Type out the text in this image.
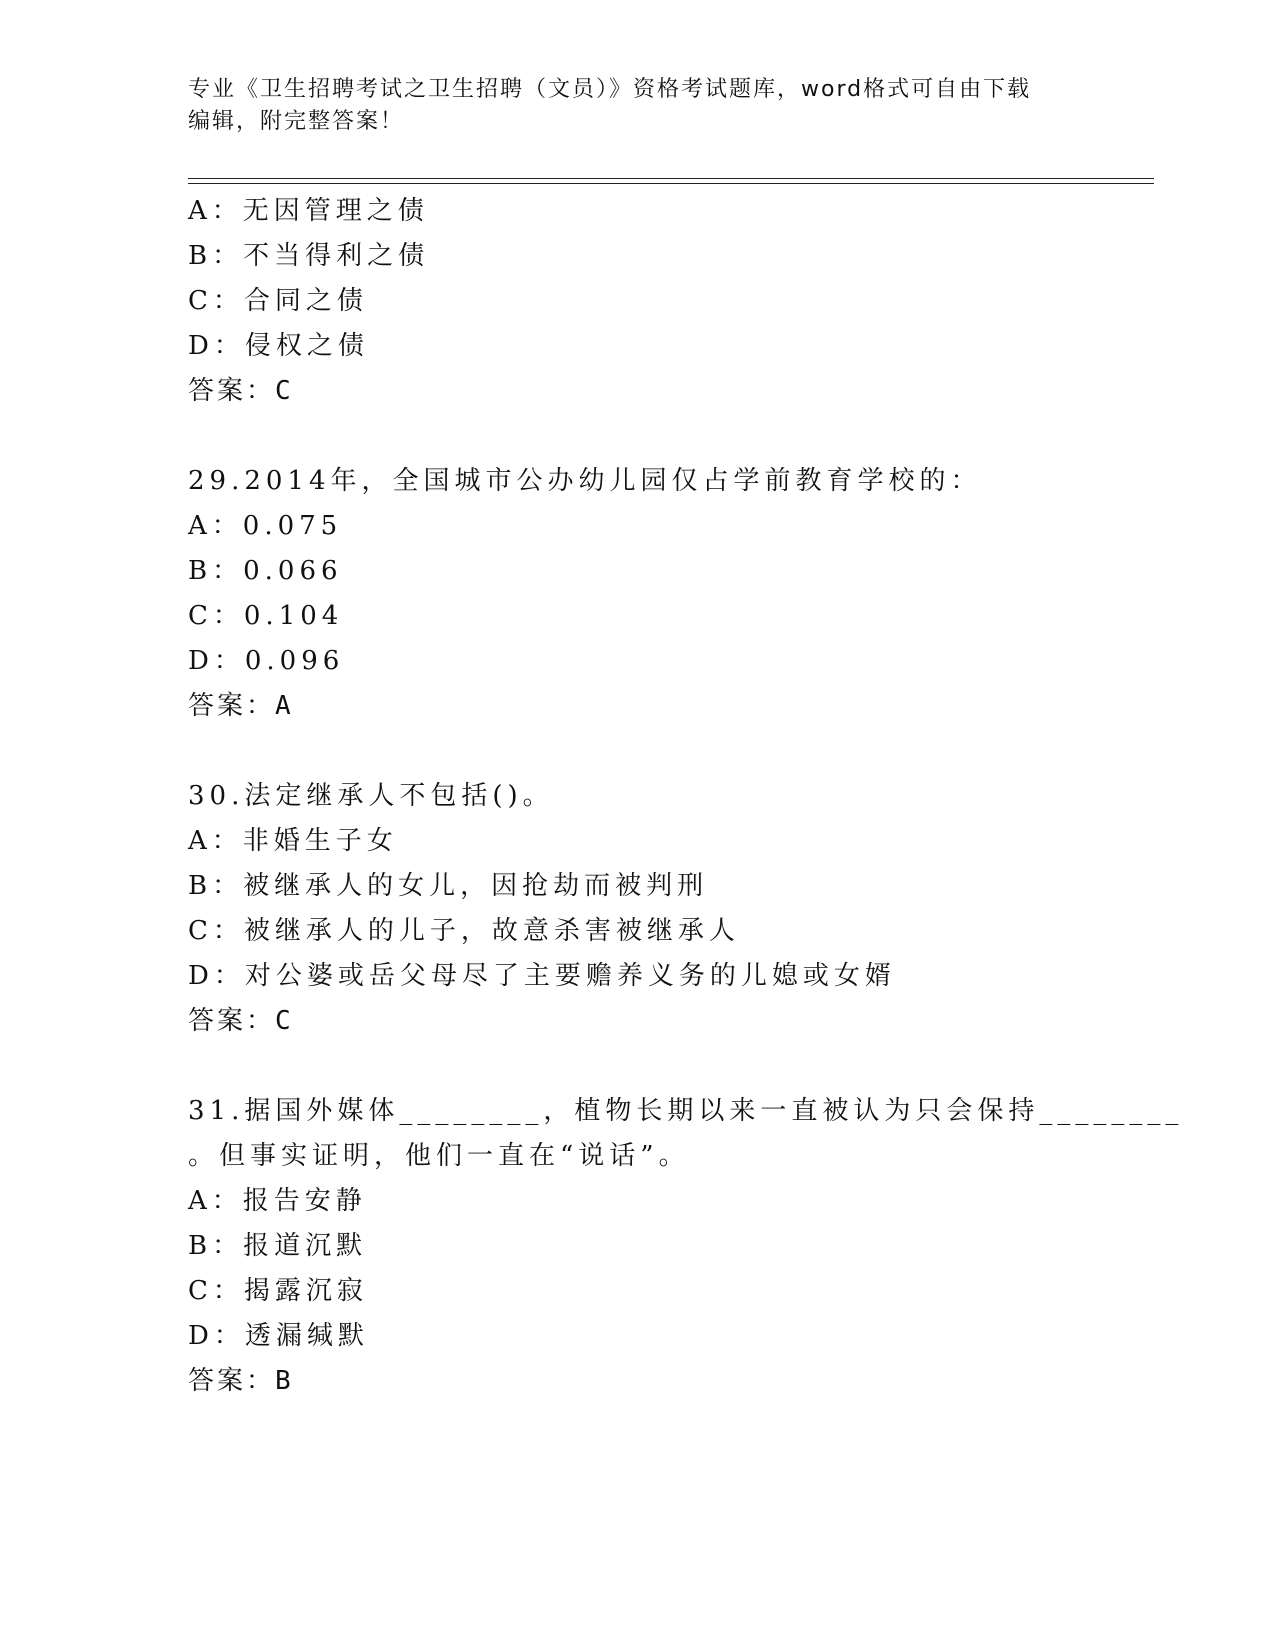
专业《卫生招聘考试之卫生招聘（文员）》资格考试题库，word格式可自由下载
编辑，附完整答案！
A：无因管理之债
B：不当得利之债
C：合同之债
D：侵权之债
答案：C
29.2014年，全国城市公办幼儿园仅占学前教育学校的：
A：0.075
B：0.066
C：0.104
D：0.096
答案：A
30.法定继承人不包括()。
A：非婚生子女
B：被继承人的女儿，因抢劫而被判刑
C：被继承人的儿子，故意杀害被继承人
D：对公婆或岳父母尽了主要赡养义务的儿媳或女婿
答案：C
31.据国外媒体________，植物长期以来一直被认为只会保持________
。但事实证明，他们一直在“说话”。
A：报告安静
B：报道沉默
C：揭露沉寂
D：透漏缄默
答案：B
